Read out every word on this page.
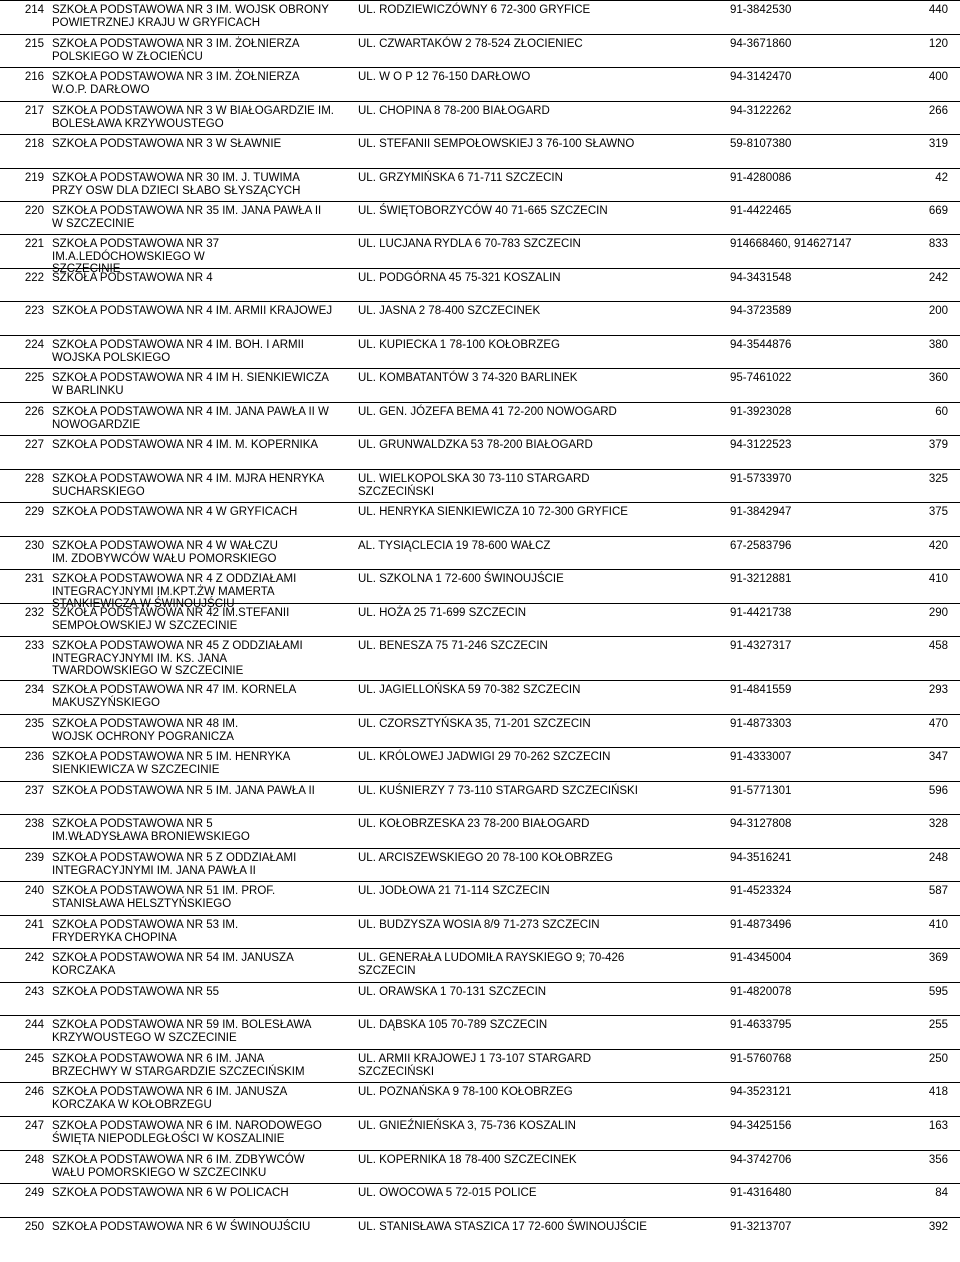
214 SZKOŁA PODSTAWOWA NR 3 IM. WOJSK OBRONY
POWIETRZNEJ KRAJU W GRYFICACH
UL. RODZIEWICZÓWNY 6 72-300 GRYFICE	91-3842530	440
215 SZKOŁA PODSTAWOWA NR 3 IM. ŻOŁNIERZA
POLSKIEGO W ZŁOCIEŃCU
UL. CZWARTAKÓW 2 78-524 ZŁOCIENIEC	94-3671860	120
216 SZKOŁA PODSTAWOWA NR 3 IM. ŻOŁNIERZA
W.O.P. DARŁOWO
UL. W O P 12 76-150 DARŁOWO	94-3142470	400
217 SZKOŁA PODSTAWOWA NR 3 W BIAŁOGARDZIE IM.
BOLESŁAWA KRZYWOUSTEGO
UL. CHOPINA 8 78-200 BIAŁOGARD	94-3122262	266
218 SZKOŁA PODSTAWOWA NR 3 W SŁAWNIE	UL. STEFANII SEMPOŁOWSKIEJ 3 76-100 SŁAWNO	59-8107380	319
219 SZKOŁA PODSTAWOWA NR 30 IM. J. TUWIMA
PRZY OSW DLA DZIECI SŁABO SŁYSZĄCYCH
UL. GRZYMIŃSKA 6 71-711 SZCZECIN	91-4280086	42
220 SZKOŁA PODSTAWOWA NR 35 IM. JANA PAWŁA II
W SZCZECINIE
UL. ŚWIĘTOBORZYCÓW 40 71-665 SZCZECIN	91-4422465	669
221 SZKOŁA PODSTAWOWA NR 37
IM.A.LEDÓCHOWSKIEGO W
SZCZECINIE
UL. LUCJANA RYDLA 6 70-783 SZCZECIN	914668460, 914627147	833
222 SZKOŁA PODSTAWOWA NR 4	UL. PODGÓRNA 45 75-321 KOSZALIN	94-3431548	242
223 SZKOŁA PODSTAWOWA NR 4 IM. ARMII KRAJOWEJ	UL. JASNA 2 78-400 SZCZECINEK	94-3723589	200
224 SZKOŁA PODSTAWOWA NR 4 IM. BOH. I ARMII
WOJSKA POLSKIEGO
UL. KUPIECKA 1 78-100 KOŁOBRZEG	94-3544876	380
225 SZKOŁA PODSTAWOWA NR 4 IM H. SIENKIEWICZA
W BARLINKU
UL. KOMBATANTÓW 3 74-320 BARLINEK	95-7461022	360
226 SZKOŁA PODSTAWOWA NR 4 IM. JANA PAWŁA II W
NOWOGARDZIE
UL. GEN. JÓZEFA BEMA 41 72-200 NOWOGARD	91-3923028	60
227 SZKOŁA PODSTAWOWA NR 4 IM. M. KOPERNIKA	UL. GRUNWALDZKA 53 78-200 BIAŁOGARD	94-3122523	379
228 SZKOŁA PODSTAWOWA NR 4 IM. MJRA HENRYKA
SUCHARSKIEGO
UL. WIELKOPOLSKA 30 73-110 STARGARD
SZCZECIŃSKI
91-5733970	325
229 SZKOŁA PODSTAWOWA NR 4 W GRYFICACH	UL. HENRYKA SIENKIEWICZA 10 72-300 GRYFICE	91-3842947	375
230 SZKOŁA PODSTAWOWA NR 4 W WAŁCZU
IM. ZDOBYWCÓW WAŁU POMORSKIEGO
AL. TYSIĄCLECIA 19 78-600 WAŁCZ	67-2583796	420
231 SZKOŁA PODSTAWOWA NR 4 Z ODDZIAŁAMI
INTEGRACYJNYMI IM.KPT.ŻW MAMERTA
STANKIEWICZA W ŚWINOUJŚCIU
UL. SZKOLNA 1 72-600 ŚWINOUJŚCIE	91-3212881	410
232 SZKOŁA PODSTAWOWA NR 42 IM.STEFANII
SEMPOŁOWSKIEJ W SZCZECINIE
UL. HOŻA 25 71-699 SZCZECIN	91-4421738	290
233 SZKOŁA PODSTAWOWA NR 45 Z ODDZIAŁAMI
INTEGRACYJNYMI IM. KS. JANA
TWARDOWSKIEGO W SZCZECINIE
UL. BENESZA 75 71-246 SZCZECIN	91-4327317	458
234 SZKOŁA PODSTAWOWA NR 47 IM. KORNELA
MAKUSZYŃSKIEGO
UL. JAGIELLOŃSKA 59 70-382 SZCZECIN	91-4841559	293
235 SZKOŁA PODSTAWOWA NR 48 IM.
WOJSK OCHRONY POGRANICZA
UL. CZORSZTYŃSKA 35, 71-201 SZCZECIN	91-4873303	470
236 SZKOŁA PODSTAWOWA NR 5 IM. HENRYKA
SIENKIEWICZA W SZCZECINIE
UL. KRÓLOWEJ JADWIGI 29 70-262 SZCZECIN	91-4333007	347
237 SZKOŁA PODSTAWOWA NR 5 IM. JANA PAWŁA II	UL. KUŚNIERZY 7 73-110 STARGARD SZCZECIŃSKI	91-5771301	596
238 SZKOŁA PODSTAWOWA NR 5
IM.WŁADYSŁAWA BRONIEWSKIEGO
UL. KOŁOBRZESKA 23 78-200 BIAŁOGARD	94-3127808	328
239 SZKOŁA PODSTAWOWA NR 5 Z ODDZIAŁAMI
INTEGRACYJNYMI IM. JANA PAWŁA II
UL. ARCISZEWSKIEGO 20 78-100 KOŁOBRZEG	94-3516241	248
240 SZKOŁA PODSTAWOWA NR 51 IM. PROF.
STANISŁAWA HELSZTYŃSKIEGO
UL. JODŁOWA 21 71-114 SZCZECIN	91-4523324	587
241 SZKOŁA PODSTAWOWA NR 53 IM.
FRYDERYKA CHOPINA
UL. BUDZYSZA WOSIA 8/9 71-273 SZCZECIN	91-4873496	410
242 SZKOŁA PODSTAWOWA NR 54 IM. JANUSZA
KORCZAKA
UL. GENERAŁA LUDOMIŁA RAYSKIEGO 9; 70-426
SZCZECIN
91-4345004	369
243 SZKOŁA PODSTAWOWA NR 55	UL. ORAWSKA 1 70-131 SZCZECIN	91-4820078	595
244 SZKOŁA PODSTAWOWA NR 59 IM. BOLESŁAWA
KRZYWOUSTEGO W SZCZECINIE
UL. DĄBSKA 105 70-789 SZCZECIN	91-4633795	255
245 SZKOŁA PODSTAWOWA NR 6 IM. JANA
BRZECHWY W STARGARDZIE SZCZECIŃSKIM
UL. ARMII KRAJOWEJ 1 73-107 STARGARD
SZCZECIŃSKI
91-5760768	250
246 SZKOŁA PODSTAWOWA NR 6 IM. JANUSZA
KORCZAKA W KOŁOBRZEGU
UL. POZNAŃSKA 9 78-100 KOŁOBRZEG	94-3523121	418
247 SZKOŁA PODSTAWOWA NR 6 IM. NARODOWEGO
ŚWIĘTA NIEPODLEGŁOŚCI W KOSZALINIE
UL. GNIEŹNIEŃSKA 3, 75-736 KOSZALIN	94-3425156	163
248 SZKOŁA PODSTAWOWA NR 6 IM. ZDBYWCÓW
WAŁU POMORSKIEGO W SZCZECINKU
UL. KOPERNIKA 18 78-400 SZCZECINEK	94-3742706	356
249 SZKOŁA PODSTAWOWA NR 6 W POLICACH	UL. OWOCOWA 5 72-015 POLICE	91-4316480	84
250 SZKOŁA PODSTAWOWA NR 6 W ŚWINOUJŚCIU	UL. STANISŁAWA STASZICA 17 72-600 ŚWINOUJŚCIE	91-3213707	392
